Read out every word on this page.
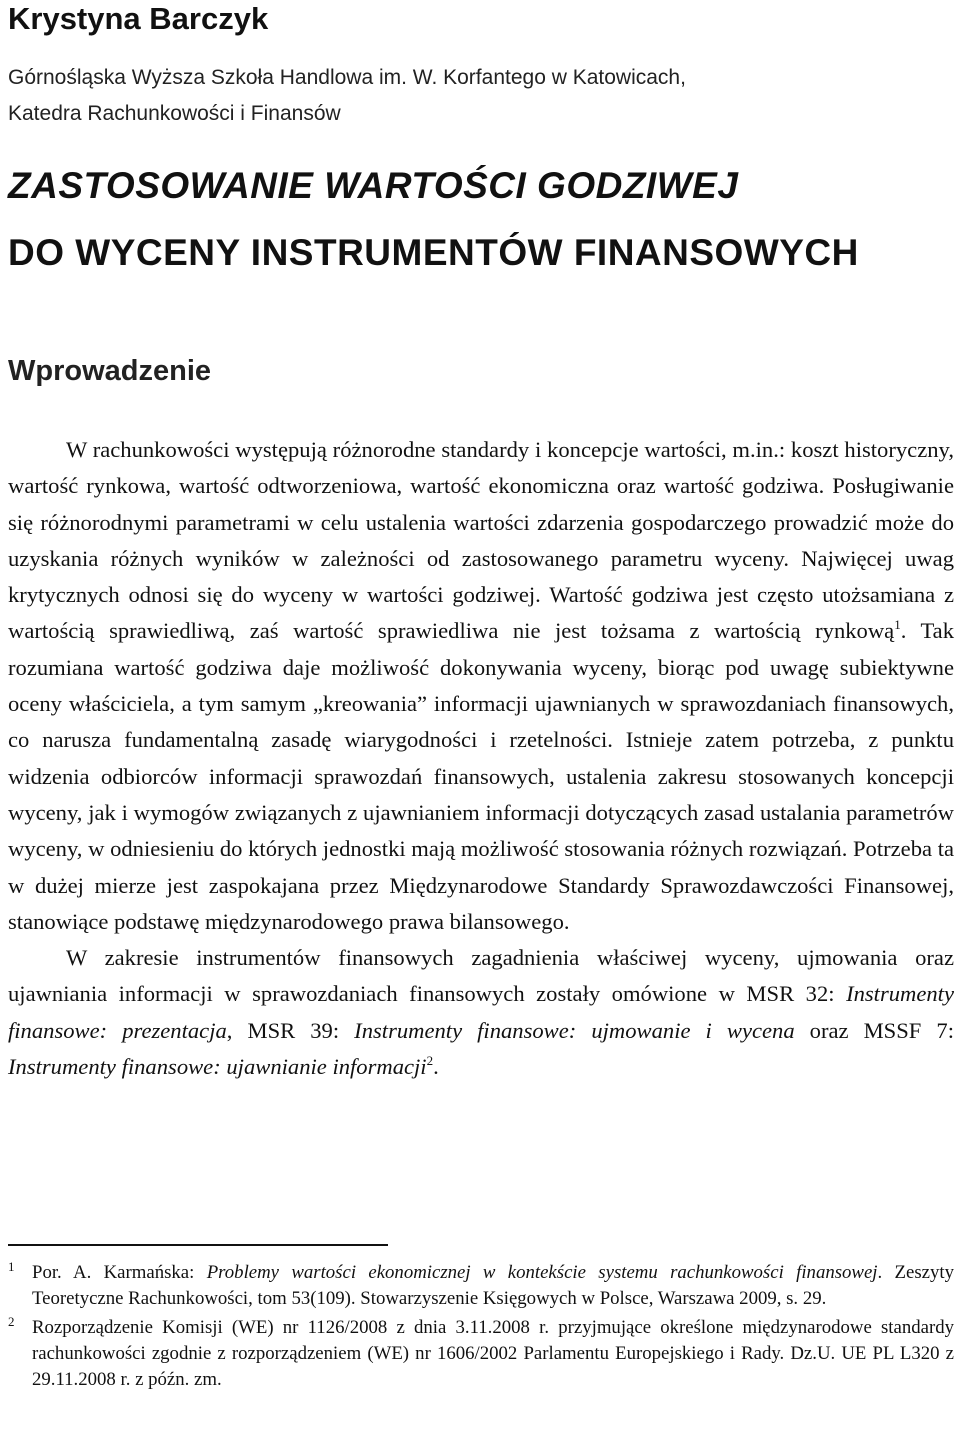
Krystyna Barczyk
Górnośląska Wyższa Szkoła Handlowa im. W. Korfantego w Katowicach,
Katedra Rachunkowości i Finansów
ZASTOSOWANIE WARTOŚCI GODZIWEJ
DO WYCENY INSTRUMENTÓW FINANSOWYCH
Wprowadzenie

W rachunkowości występują różnorodne standardy i koncepcje wartości, m.in.: koszt historyczny, wartość rynkowa, wartość odtworzeniowa, wartość ekonomiczna oraz wartość godziwa. Posługiwanie się różnorodnymi parametrami w celu ustalenia wartości zdarzenia gospodarczego prowadzić może do uzyskania różnych wyników w zależności od zastosowanego parametru wyceny. Najwięcej uwag krytycznych odnosi się do wyceny w wartości godziwej. Wartość godziwa jest często utożsamiana z wartością sprawiedliwą, zaś wartość sprawiedliwa nie jest tożsama z wartością rynkową$^1$. Tak rozumiana wartość godziwa daje możliwość dokonywania wyceny, biorąc pod uwagę subiektywne oceny właściciela, a tym samym „kreowania” informacji ujawnianych w sprawozdaniach finansowych, co narusza fundamentalną zasadę wiarygodności i rzetelności. Istnieje zatem potrzeba, z punktu widzenia odbiorców informacji sprawozdań finansowych, ustalenia zakresu stosowanych koncepcji wyceny, jak i wymogów związanych z ujawnianiem informacji dotyczących zasad ustalania parametrów wyceny, w odniesieniu do których jednostki mają możliwość stosowania różnych rozwiązań. Potrzeba ta w dużej mierze jest zaspokajana przez Międzynarodowe Standardy Sprawozdawczości Finansowej, stanowiące podstawę międzynarodowego prawa bilansowego.

W zakresie instrumentów finansowych zagadnienia właściwej wyceny, ujmowania oraz ujawniania informacji w sprawozdaniach finansowych zostały omówione w MSR 32: Instrumenty finansowe: prezentacja, MSR 39: Instrumenty finansowe: ujmowanie i wycena oraz MSSF 7: Instrumenty finansowe: ujawnianie informacji$^2$.

1 Por. A. Karmańska: Problemy wartości ekonomicznej w kontekście systemu rachunkowości finansowej. Zeszyty Teoretyczne Rachunkowości, tom 53(109). Stowarzyszenie Księgowych w Polsce, Warszawa 2009, s. 29.
2 Rozporządzenie Komisji (WE) nr 1126/2008 z dnia 3.11.2008 r. przyjmujące określone międzynarodowe standardy rachunkowości zgodnie z rozporządzeniem (WE) nr 1606/2002 Parlamentu Europejskiego i Rady. Dz.U. UE PL L320 z 29.11.2008 r. z późn. zm.
